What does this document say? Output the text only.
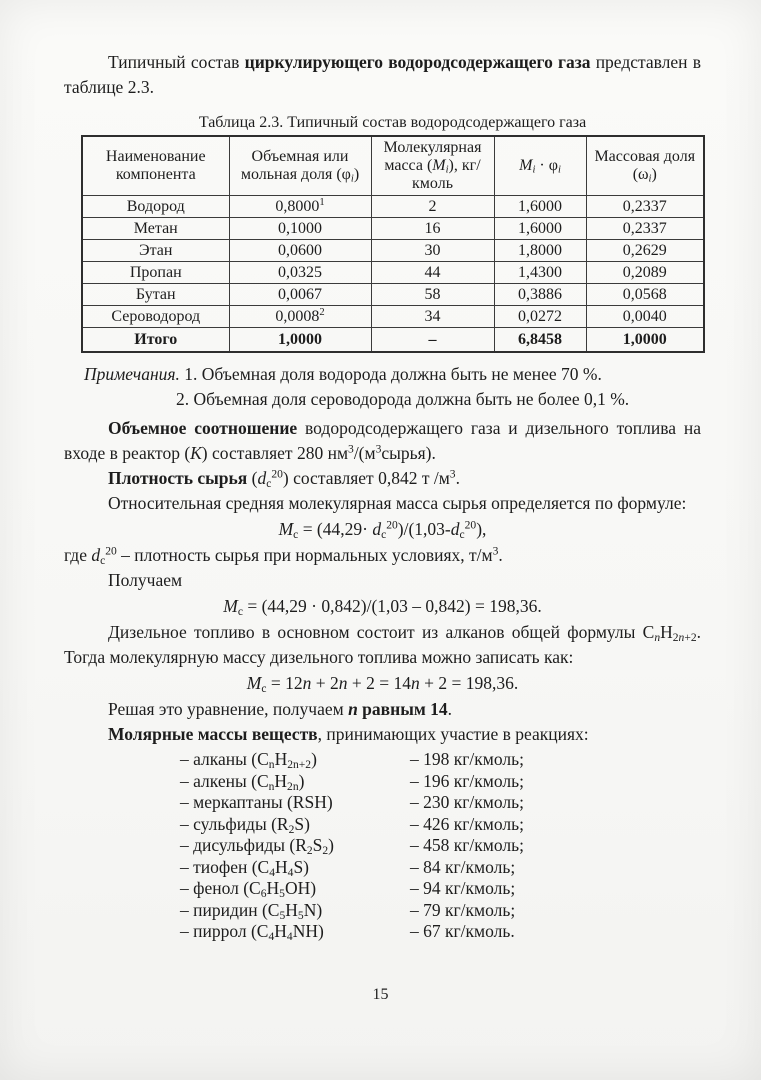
Типичный состав циркулирующего водородсодержащего газа представлен в таблице 2.3.

Таблица 2.3. Типичный состав водородсодержащего газа
Наименование компонента	Объемная или мольная доля $(\varphi_i)$	Молекулярная масса $(M_i)$, кг/кмоль	$M_i \cdot \varphi_i$	Массовая доля $(\omega_i)$
Водород	0,8000$^1$	2	1,6000	0,2337
Метан	0,1000	16	1,6000	0,2337
Этан	0,0600	30	1,8000	0,2629
Пропан	0,0325	44	1,4300	0,2089
Бутан	0,0067	58	0,3886	0,0568
Сероводород	0,0008$^2$	34	0,0272	0,0040
Итого	1,0000	–	6,8458	1,0000

Примечания. 1. Объемная доля водорода должна быть не менее 70 %.

2. Объемная доля сероводорода должна быть не более 0,1 %.

Объемное соотношение водородсодержащего газа и дизельного топлива на входе в реактор (К) составляет 280 $нм^3/(м^3сырья)$.

Плотность сырья $(d_с^{20})$ составляет 0,842 т $/м^3$.

Относительная средняя молекулярная масса сырья определяется по формуле:

$M_с = (44,29\cdot d_с^{20})/(1,03-d_с^{20})$,

где $d_с^{20}$ – плотность сырья при нормальных условиях, $т/м^3$.

Получаем

$M_с = (44,29 \cdot 0,842)/(1,03 - 0,842) = 198,36$.

Дизельное топливо в основном состоит из алканов общей формулы $С_nН_{2n+2}$. Тогда молекулярную массу дизельного топлива можно записать как:

$M_с = 12n + 2n + 2 = 14n + 2 = 198,36$.

Решая это уравнение, получаем n равным 14.

Молярные массы веществ, принимающих участие в реакциях:

– алканы $(C_nH_{2n+2})$	– 198 кг/кмоль;
– алкены $(C_nH_{2n})$	– 196 кг/кмоль;
– меркаптаны (RSH)	– 230 кг/кмоль;
– сульфиды $(R_2S)$	– 426 кг/кмоль;
– дисульфиды $(R_2S_2)$	– 458 кг/кмоль;
– тиофен $(C_4H_4S)$	– 84 кг/кмоль;
– фенол $(C_6H_5OH)$	– 94 кг/кмоль;
– пиридин $(C_5H_5N)$	– 79 кг/кмоль;
– пиррол $(C_4H_4NH)$	– 67 кг/кмоль.
15
